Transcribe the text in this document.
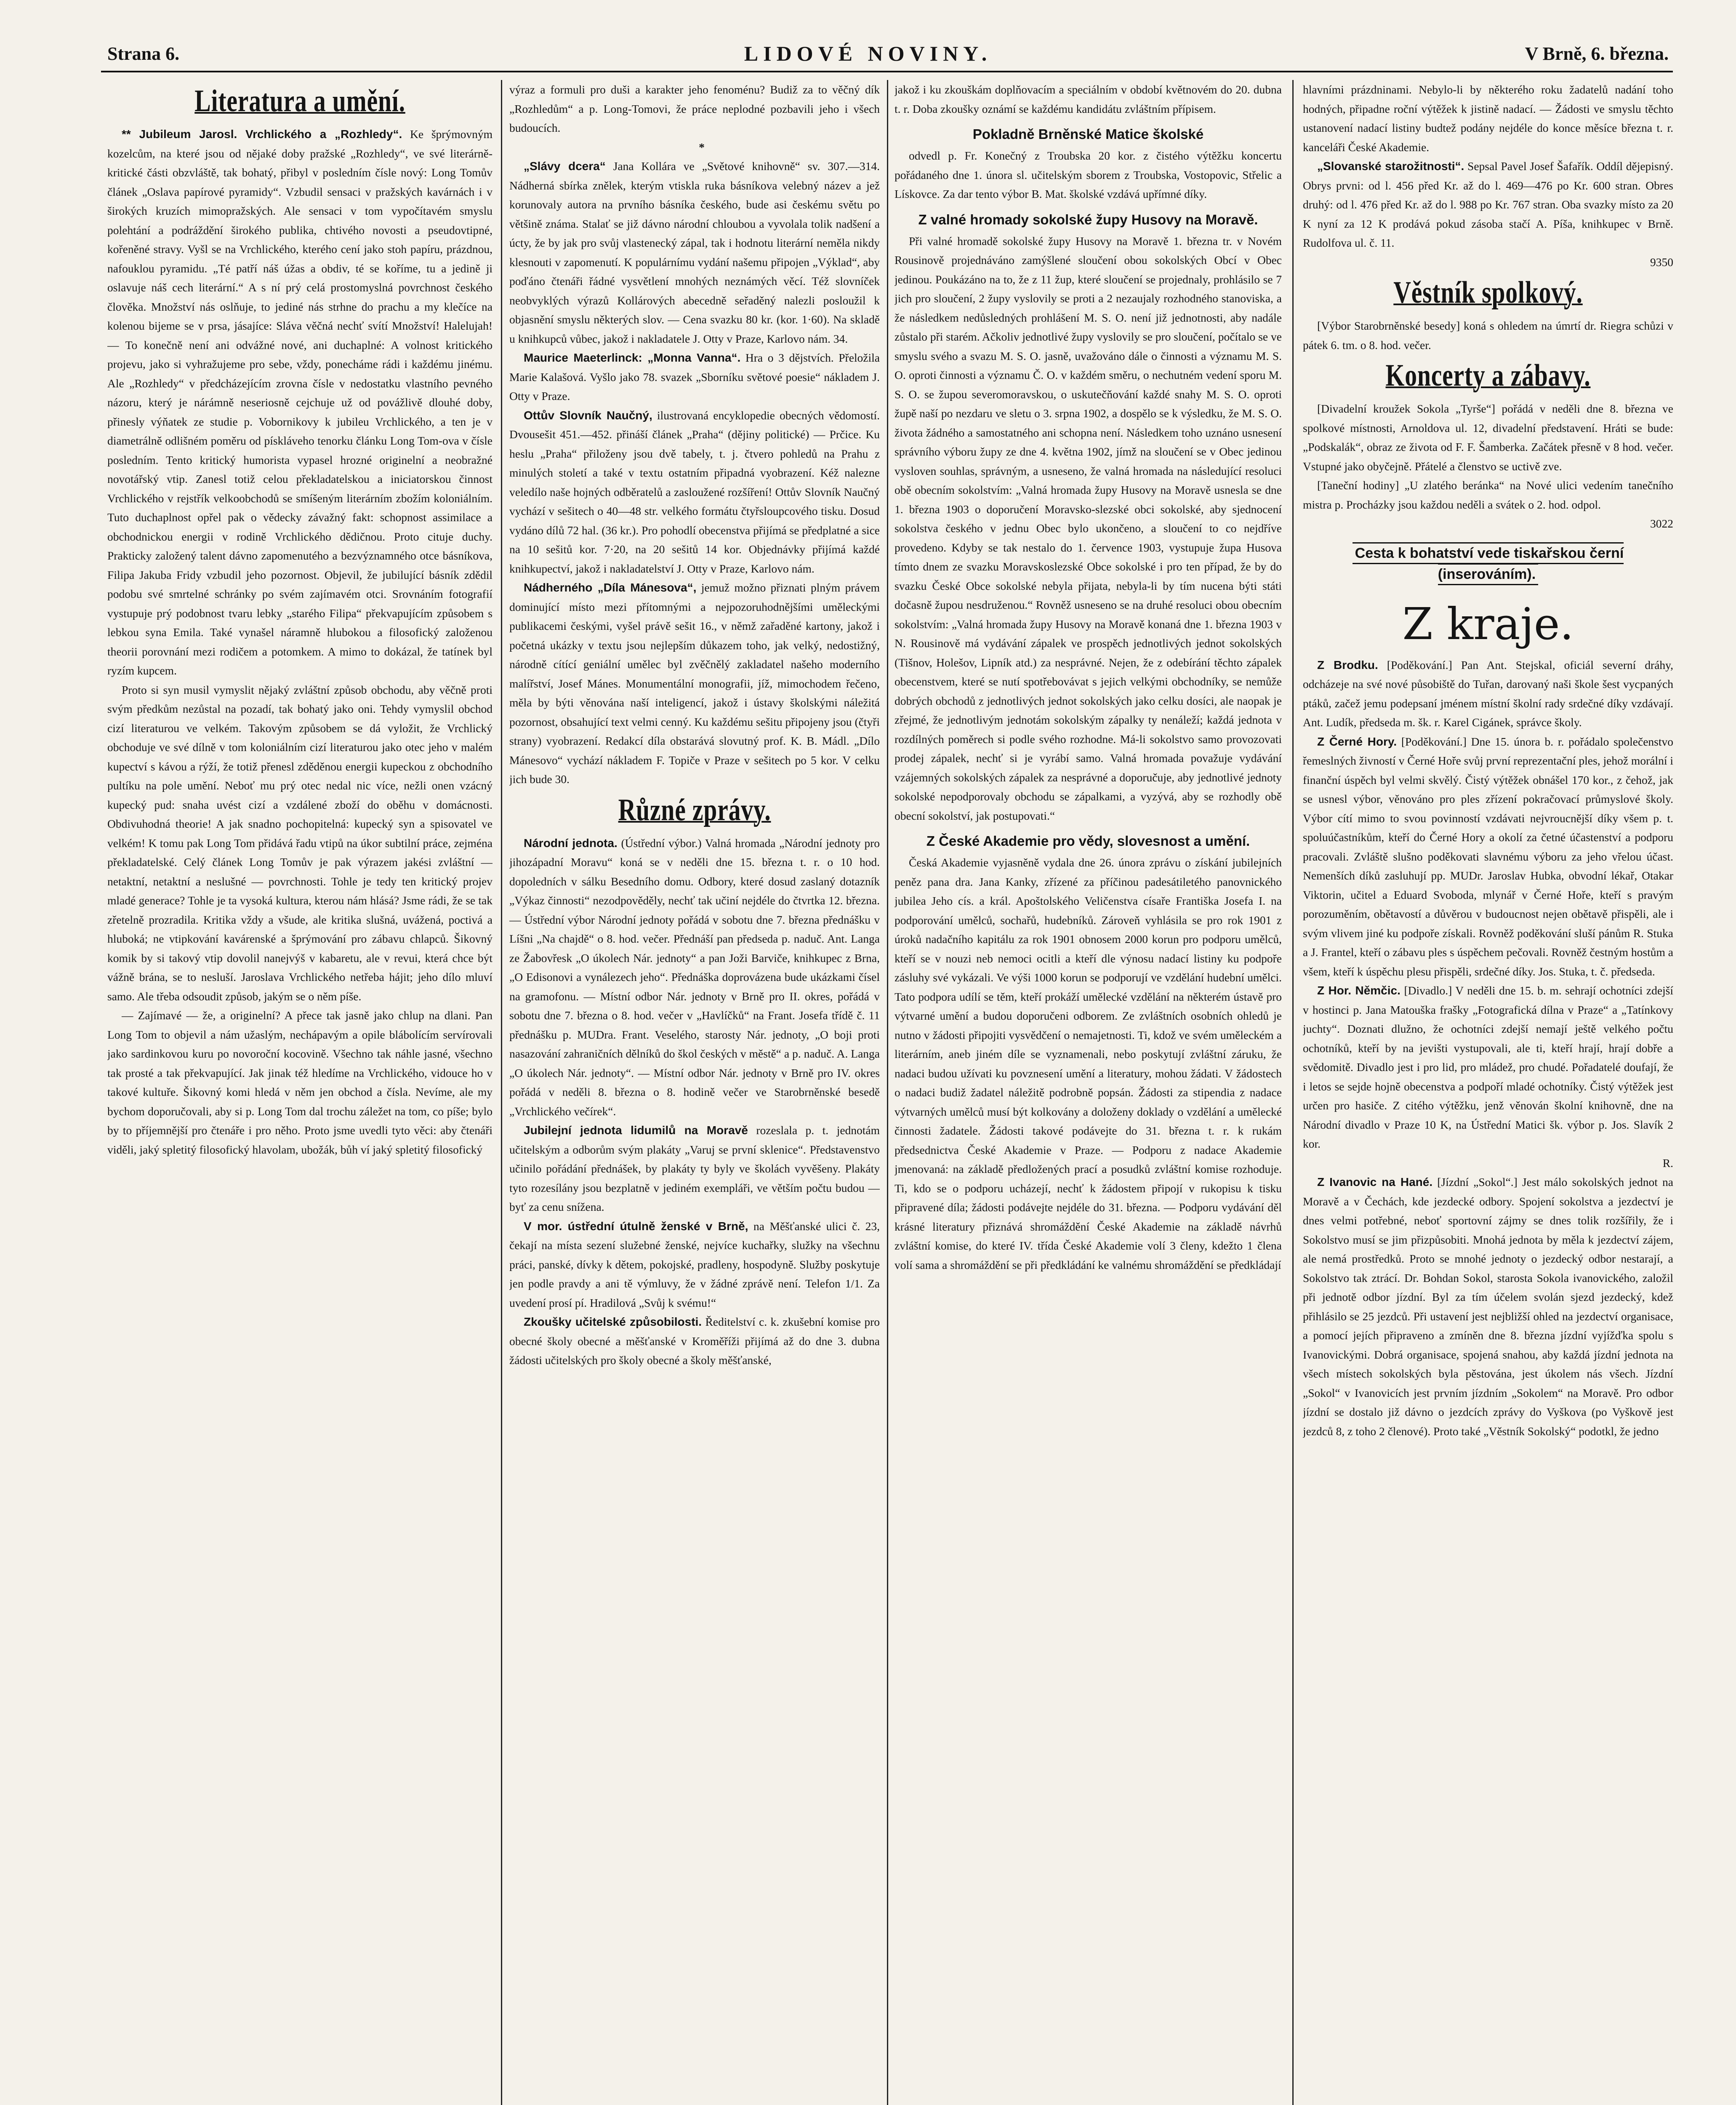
Strana 6.	LIDOVÉ NOVINY.	V Brně, 6. března.
Literatura a umění.

** Jubileum Jarosl. Vrchlického a „Rozhledy“. Ke šprýmovným kozelcům, na které jsou od nějaké doby pražské „Rozhledy“, ve své literárně-kritické části obzvláště, tak bohatý, přibyl v posledním čísle nový: Long Tomův článek „Oslava papírové pyramidy“. Vzbudil sensaci v pražských kavárnách i v širokých kruzích mimopražských. Ale sensaci v tom vypočítavém smyslu polehtání a podráždění širokého publika, chtivého novosti a pseudovtipné, kořeněné stravy. Vyšl se na Vrchlického, kterého cení jako stoh papíru, prázdnou, nafouklou pyramidu. „Té patří náš úžas a obdiv, té se koříme, tu a jedině ji oslavuje náš cech literární.“ A s ní prý celá prostomyslná povrchnost českého člověka. Množství nás oslňuje, to jediné nás strhne do prachu a my klečíce na kolenou bijeme se v prsa, jásajíce: Sláva věčná nechť svítí Množství! Halelujah! — To konečně není ani odvážné nové, ani duchaplné: A volnost kritického projevu, jako si vyhražujeme pro sebe, vždy, ponecháme rádi i každému jinému. Ale „Rozhledy“ v předcházejícím zrovna čísle v nedostatku vlastního pevného názoru, který je nárámně neseriosně cejchuje už od povážlivě dlouhé doby, přinesly výňatek ze studie p. Vobornikovy k jubileu Vrchlického, a ten je v diametrálně odlišném poměru od pískláveho tenorku článku Long Tom-ova v čísle posledním. Tento kritický humorista vypasel hrozné originelní a neobražné novotářský vtip. Zanesl totiž celou překladatelskou a iniciatorskou činnost Vrchlického v rejstřík velkoobchodů se smíšeným literárním zbožím koloniálním. Tuto duchaplnost opřel pak o vědecky závažný fakt: schopnost assimilace a obchodnickou energii v rodině Vrchlického dědičnou. Proto cituje duchy. Prakticky založený talent dávno zapomenutého a bezvýznamného otce básníkova, Filipa Jakuba Fridy vzbudil jeho pozornost. Objevil, že jubilující básník zdědil podobu své smrtelné schránky po svém zajímavém otci. Srovnáním fotografií vystupuje prý podobnost tvaru lebky „starého Filipa“ překvapujícím způsobem s lebkou syna Emila. Také vynašel náramně hlubokou a filosofický založenou theorii porovnání mezi rodičem a potomkem. A mimo to dokázal, že tatínek byl ryzím kupcem.

Proto si syn musil vymyslit nějaký zvláštní způsob obchodu, aby věčně proti svým předkům nezůstal na pozadí, tak bohatý jako oni. Tehdy vymyslil obchod cizí literaturou ve velkém. Takovým způsobem se dá vyložit, že Vrchlický obchoduje ve své dílně v tom koloniálním cizí literaturou jako otec jeho v malém kupectví s kávou a rýží, že totiž přenesl zděděnou energii kupeckou z obchodního pultíku na pole umění. Neboť mu prý otec nedal nic více, nežli onen vzácný kupecký pud: snaha uvést cizí a vzdálené zboží do oběhu v domácnosti. Obdivuhodná theorie! A jak snadno pochopitelná: kupecký syn a spisovatel ve velkém! K tomu pak Long Tom přidává řadu vtipů na úkor subtilní práce, zejména překladatelské. Celý článek Long Tomův je pak výrazem jakési zvláštní — netaktní, netaktní a neslušné — povrchnosti. Tohle je tedy ten kritický projev mladé generace? Tohle je ta vysoká kultura, kterou nám hlásá? Jsme rádi, že se tak zřetelně prozradila. Kritika vždy a všude, ale kritika slušná, uvážená, poctivá a hluboká; ne vtipkování kavárenské a šprýmování pro zábavu chlapců. Šikovný komik by si takový vtip dovolil nanejvýš v kabaretu, ale v revui, která chce být vážně brána, se to nesluší. Jaroslava Vrchlického netřeba hájit; jeho dílo mluví samo. Ale třeba odsoudit způsob, jakým se o něm píše.

— Zajímavé — že, a originelní? A přece tak jasně jako chlup na dlani. Pan Long Tom to objevil a nám užaslým, nechápavým a opile blábolícím servírovali jako sardinkovou kuru po novoroční kocovině. Všechno tak náhle jasné, všechno tak prosté a tak překvapující. Jak jinak též hledíme na Vrchlického, vidouce ho v takové kultuře. Šikovný komi hledá v něm jen obchod a čísla. Nevíme, ale my bychom doporučovali, aby si p. Long Tom dal trochu záležet na tom, co píše; bylo by to příjemnější pro čtenáře i pro něho. Proto jsme uvedli tyto věci: aby čtenáři viděli, jaký spletitý filosofický hlavolam, ubožák, bůh ví jaký spletitý filosofický

výraz a formuli pro duši a karakter jeho fenoménu? Budiž za to věčný dík „Rozhledům“ a p. Long-Tomovi, že práce neplodné pozbavili jeho i všech budoucích.

*

„Slávy dcera“ Jana Kollára ve „Světové knihovně“ sv. 307.—314. Nádherná sbírka znělek, kterým vtiskla ruka básníkova velebný název a jež korunovaly autora na prvního básníka českého, bude asi českému světu po většině známa. Stalať se již dávno národní chloubou a vyvolala tolik nadšení a úcty, že by jak pro svůj vlastenecký zápal, tak i hodnotu literární neměla nikdy klesnouti v zapomenutí. K populárnímu vydání našemu připojen „Výklad“, aby poďáno čtenáři řádné vysvětlení mnohých neznámých věcí. Též slovníček neobvyklých výrazů Kollárových abecedně seřaděný nalezli posloužil k objasnění smyslu některých slov. — Cena svazku 80 kr. (kor. 1·60). Na skladě u knihkupců vůbec, jakož i nakladatele J. Otty v Praze, Karlovo nám. 34.

Maurice Maeterlinck: „Monna Vanna“. Hra o 3 dějstvích. Přeložila Marie Kalašová. Vyšlo jako 78. svazek „Sborníku světové poesie“ nákladem J. Otty v Praze.

Ottův Slovník Naučný, ilustrovaná encyklopedie obecných vědomostí. Dvousešit 451.—452. přináší článek „Praha“ (dějiny politické) — Prčice. Ku heslu „Praha“ přiloženy jsou dvě tabely, t. j. čtvero pohledů na Prahu z minulých století a také v textu ostatním připadná vyobrazení. Kéž nalezne veledílo naše hojných odběratelů a zasloužené rozšíření! Ottův Slovník Naučný vychází v sešitech o 40—48 str. velkého formátu čtyřsloupcového tisku. Dosud vydáno dílů 72 hal. (36 kr.). Pro pohodlí obecenstva přijímá se předplatné a sice na 10 sešitů kor. 7·20, na 20 sešitů 14 kor. Objednávky přijímá každé knihkupectví, jakož i nakladatelství J. Otty v Praze, Karlovo nám.

Nádherného „Díla Mánesova“, jemuž možno přiznati plným právem dominující místo mezi přítomnými a nejpozoruhodnějšími uměleckými publikacemi českými, vyšel právě sešit 16., v němž zařaděné kartony, jakož i početná ukázky v textu jsou nejlepším důkazem toho, jak velký, nedostižný, národně cítící geniální umělec byl zvěčnělý zakladatel našeho moderního malířství, Josef Mánes. Monumentální monografii, jíž, mimochodem řečeno, měla by býti věnována naší inteligencí, jakož i ústavy školskými náležitá pozornost, obsahující text velmi cenný. Ku každému sešitu připojeny jsou (čtyři strany) vyobrazení. Redakcí díla obstarává slovutný prof. K. B. Mádl. „Dílo Mánesovo“ vychází nákladem F. Topiče v Praze v sešitech po 5 kor. V celku jich bude 30.

Různé zprávy.

Národní jednota. (Ústřední výbor.) Valná hromada „Národní jednoty pro jihozápadní Moravu“ koná se v neděli dne 15. března t. r. o 10 hod. dopoledních v sálku Besedního domu. Odbory, které dosud zaslaný dotazník „Výkaz činnosti“ nezodpověděly, nechť tak učiní nejdéle do čtvrtka 12. března. — Ústřední výbor Národní jednoty pořádá v sobotu dne 7. března přednášku v Líšni „Na chajdě“ o 8. hod. večer. Přednáší pan předseda p. naduč. Ant. Langa ze Žabovřesk „O úkolech Nár. jednoty“ a pan Joži Barviče, knihkupec z Brna, „O Edisonovi a vynálezech jeho“. Přednáška doprovázena bude ukázkami čísel na gramofonu. — Místní odbor Nár. jednoty v Brně pro II. okres, pořádá v sobotu dne 7. března o 8. hod. večer v „Havlíčků“ na Frant. Josefa třídě č. 11 přednášku p. MUDra. Frant. Veselého, starosty Nár. jednoty, „O boji proti nasazování zahraničních dělníků do škol českých v městě“ a p. naduč. A. Langa „O úkolech Nár. jednoty“. — Místní odbor Nár. jednoty v Brně pro IV. okres pořádá v neděli 8. března o 8. hodině večer ve Starobrněnské besedě „Vrchlického večírek“.

Jubilejní jednota lidumilů na Moravě rozeslala p. t. jednotám učitelským a odborům svým plakáty „Varuj se první sklenice“. Představenstvo učinilo pořádání přednášek, by plakáty ty byly ve školách vyvěšeny. Plakáty tyto rozesílány jsou bezplatně v jediném exempláři, ve větším počtu budou — byť za cenu snížena.

V mor. ústřední útulně ženské v Brně, na Měšťanské ulici č. 23, čekají na místa sezení služebné ženské, nejvíce kuchařky, služky na všechnu práci, panské, dívky k dětem, pokojské, pradleny, hospodyně. Služby poskytuje jen podle pravdy a ani tě výmluvy, že v žádné zprávě není. Telefon 1/1. Za uvedení prosí pí. Hradilová „Svůj k svému!“

Zkoušky učitelské způsobilosti. Ředitelství c. k. zkušební komise pro obecné školy obecné a měšťanské v Kroměříži přijímá až do dne 3. dubna žádosti učitelských pro školy obecné a školy měšťanské,

jakož i ku zkouškám doplňovacím a speciálním v období květnovém do 20. dubna t. r. Doba zkoušky oznámí se každému kandidátu zvláštním přípisem.

Pokladně Brněnské Matice školské

odvedl p. Fr. Konečný z Troubska 20 kor. z čistého výtěžku koncertu pořádaného dne 1. února sl. učitelským sborem z Troubska, Vostopovic, Střelic a Lískovce. Za dar tento výbor B. Mat. školské vzdává upřímné díky.

Z valné hromady sokolské župy Husovy na Moravě.

Při valné hromadě sokolské župy Husovy na Moravě 1. března tr. v Novém Rousinově projednáváno zamýšlené sloučení obou sokolských Obcí v Obec jedinou. Poukázáno na to, že z 11 žup, které sloučení se projednaly, prohlásilo se 7 jich pro sloučení, 2 župy vyslovily se proti a 2 nezaujaly rozhodného stanoviska, a že následkem nedůsledných prohlášení M. S. O. není již jednotnosti, aby nadále zůstalo při starém. Ačkoliv jednotlivé župy vyslovily se pro sloučení, počítalo se ve smyslu svého a svazu M. S. O. jasně, uvažováno dále o činnosti a významu M. S. O. oproti činnosti a významu Č. O. v každém směru, o nechutném vedení sporu M. S. O. se župou severomoravskou, o uskutečňování každé snahy M. S. O. oproti župě naší po nezdaru ve sletu o 3. srpna 1902, a dospělo se k výsledku, že M. S. O. života žádného a samostatného ani schopna není. Následkem toho uznáno usnesení správního výboru župy ze dne 4. května 1902, jímž na sloučení se v Obec jedinou vysloven souhlas, správným, a usneseno, že valná hromada na následující resoluci obě obecním sokolstvím: „Valná hromada župy Husovy na Moravě usnesla se dne 1. března 1903 o doporučení Moravsko-slezské obci sokolské, aby sjednocení sokolstva českého v jednu Obec bylo ukončeno, a sloučení to co nejdříve provedeno. Kdyby se tak nestalo do 1. července 1903, vystupuje župa Husova tímto dnem ze svazku Moravskoslezské Obce sokolské i pro ten případ, že by do svazku České Obce sokolské nebyla přijata, nebyla-li by tím nucena býti státi dočasně župou nesdruženou.“ Rovněž usneseno se na druhé resoluci obou obecním sokolstvím: „Valná hromada župy Husovy na Moravě konaná dne 1. března 1903 v N. Rousinově má vydávání zápalek ve prospěch jednotlivých jednot sokolských (Tišnov, Holešov, Lipník atd.) za nesprávné. Nejen, že z odebírání těchto zápalek obecenstvem, které se nutí spotřebovávat s jejich velkými obchodníky, se nemůže dobrých obchodů z jednotlivých jednot sokolských jako celku dosíci, ale naopak je zřejmé, že jednotlivým jednotám sokolským zápalky ty nenáleží; každá jednota v rozdílných poměrech si podle svého rozhodne. Má-li sokolstvo samo provozovati prodej zápalek, nechť si je vyrábí samo. Valná hromada považuje vydávání vzájemných sokolských zápalek za nesprávné a doporučuje, aby jednotlivé jednoty sokolské nepodporovaly obchodu se zápalkami, a vyzývá, aby se rozhodly obě obecní sokolství, jak postupovati.“

Z České Akademie pro vědy, slovesnost a umění.

Česká Akademie vyjasněně vydala dne 26. února zprávu o získání jubilejních peněz pana dra. Jana Kanky, zřízené za příčinou padesátiletého panovnického jubilea Jeho cís. a král. Apoštolského Veličenstva císaře Františka Josefa I. na podporování umělců, sochařů, hudebníků. Zároveň vyhlásila se pro rok 1901 z úroků nadačního kapitálu za rok 1901 obnosem 2000 korun pro podporu umělců, kteří se v nouzi neb nemoci ocitli a kteří dle výnosu nadací listiny ku podpoře zásluhy své vykázali. Ve výši 1000 korun se podporují ve vzdělání hudební umělci. Tato podpora udílí se těm, kteří prokáží umělecké vzdělání na některém ústavě pro výtvarné umění a budou doporučeni odborem. Ze zvláštních osobních ohledů je nutno v žádosti připojiti vysvědčení o nemajetnosti. Ti, kdož ve svém uměleckém a literárním, aneb jiném díle se vyznamenali, nebo poskytují zvláštní záruku, že nadaci budou užívati ku povznesení umění a literatury, mohou žádati. V žádostech o nadaci budiž žadatel náležitě podrobně popsán. Žádosti za stipendia z nadace výtvarných umělců musí být kolkovány a doloženy doklady o vzdělání a umělecké činnosti žadatele. Žádosti takové podávejte do 31. března t. r. k rukám předsednictva České Akademie v Praze. — Podporu z nadace Akademie jmenovaná: na základě předložených prací a posudků zvláštní komise rozhoduje. Ti, kdo se o podporu ucházejí, nechť k žádostem připojí v rukopisu k tisku připravené díla; žádosti podávejte nejdéle do 31. března. — Podporu vydávání děl krásné literatury přiznává shromáždění České Akademie na základě návrhů zvláštní komise, do které IV. třída České Akademie volí 3 členy, kdežto 1 člena volí sama a shromáždění se při předkládání ke valnému shromáždění se předkládají

hlavními prázdninami. Nebylo-li by některého roku žadatelů nadání toho hodných, připadne roční výtěžek k jistině nadací. — Žádosti ve smyslu těchto ustanovení nadací listiny budtež podány nejdéle do konce měsíce března t. r. kanceláři České Akademie.

„Slovanské starožitnosti“. Sepsal Pavel Josef Šafařík. Oddíl dějepisný. Obrys prvni: od l. 456 před Kr. až do l. 469—476 po Kr. 600 stran. Obres druhý: od l. 476 před Kr. až do l. 988 po Kr. 767 stran. Oba svazky místo za 20 K nyní za 12 K prodává pokud zásoba stačí A. Píša, knihkupec v Brně. Rudolfova ul. č. 11.

9350

Věstník spolkový.

[Výbor Starobrněnské besedy] koná s ohledem na úmrtí dr. Riegra schůzi v pátek 6. tm. o 8. hod. večer.

Koncerty a zábavy.

[Divadelní kroužek Sokola „Tyrše“] pořádá v neděli dne 8. března ve spolkové místnosti, Arnoldova ul. 12, divadelní představení. Hráti se bude: „Podskalák“, obraz ze života od F. F. Šamberka. Začátek přesně v 8 hod. večer. Vstupné jako obyčejně. Přátelé a členstvo se uctivě zve.

[Taneční hodiny] „U zlatého beránka“ na Nové ulici vedením tanečního mistra p. Procházky jsou každou neděli a svátek o 2. hod. odpol.

3022

Cesta k bohatství vede tiskařskou černí (inserováním).
Z kraje.

Z Brodku. [Poděkování.] Pan Ant. Stejskal, oficiál severní dráhy, odcházeje na své nové působiště do Tuřan, darovaný naši škole šest vycpaných ptáků, začež jemu podepsaní jménem místní školní rady srdečné díky vzdávají. Ant. Ludík, předseda m. šk. r. Karel Cigánek, správce školy.

Z Černé Hory. [Poděkování.] Dne 15. února b. r. pořádalo společenstvo řemeslných živností v Černé Hoře svůj první reprezentační ples, jehož morální i finanční úspěch byl velmi skvělý. Čistý výtěžek obnášel 170 kor., z čehož, jak se usnesl výbor, věnováno pro ples zřízení pokračovací průmyslové školy. Výbor cítí mimo to svou povinností vzdávati nejvroucnější díky všem p. t. spoluúčastníkům, kteří do Černé Hory a okolí za četné účastenství a podporu pracovali. Zvláště slušno poděkovati slavnému výboru za jeho vřelou účast. Nemenších díků zasluhují pp. MUDr. Jaroslav Hubka, obvodní lékař, Otakar Viktorin, učitel a Eduard Svoboda, mlynář v Černé Hoře, kteří s pravým porozuměním, obětavostí a důvěrou v budoucnost nejen obětavě přispěli, ale i svým vlivem jiné ku podpoře získali. Rovněž poděkování sluší pánům R. Stuka a J. Frantel, kteří o zábavu ples s úspěchem pečovali. Rovněž čestným hostům a všem, kteří k úspěchu plesu přispěli, srdečné díky. Jos. Stuka, t. č. předseda.

Z Hor. Němčic. [Divadlo.] V neděli dne 15. b. m. sehrají ochotníci zdejší v hostinci p. Jana Matouška frašky „Fotografická dílna v Praze“ a „Tatínkovy juchty“. Doznati dlužno, že ochotníci zdejší nemají ještě velkého počtu ochotníků, kteří by na jevišti vystupovali, ale ti, kteří hrají, hrají dobře a svědomitě. Divadlo jest i pro lid, pro mládež, pro chudé. Pořadatelé doufají, že i letos se sejde hojně obecenstva a podpoří mladé ochotníky. Čistý výtěžek jest určen pro hasiče. Z citého výtěžku, jenž věnován školní knihovně, dne na Národní divadlo v Praze 10 K, na Ústřední Matici šk. výbor p. Jos. Slavík 2 kor.

R.

Z Ivanovic na Hané. [Jízdní „Sokol“.] Jest málo sokolských jednot na Moravě a v Čechách, kde jezdecké odbory. Spojení sokolstva a jezdectví je dnes velmi potřebné, neboť sportovní zájmy se dnes tolik rozšířily, že i Sokolstvo musí se jim přizpůsobiti. Mnohá jednota by měla k jezdectví zájem, ale nemá prostředků. Proto se mnohé jednoty o jezdecký odbor nestarají, a Sokolstvo tak ztrácí. Dr. Bohdan Sokol, starosta Sokola ivanovického, založil při jednotě odbor jízdní. Byl za tím účelem svolán sjezd jezdecký, kdež přihlásilo se 25 jezdců. Při ustavení jest nejbližší ohled na jezdectví organisace, a pomocí jejích připraveno a zmíněn dne 8. března jízdní vyjížďka spolu s Ivanovickými. Dobrá organisace, spojená snahou, aby každá jízdní jednota na všech místech sokolských byla pěstována, jest úkolem nás všech. Jízdní „Sokol“ v Ivanovicích jest prvním jízdním „Sokolem“ na Moravě. Pro odbor jízdní se dostalo již dávno o jezdcích zprávy do Vyškova (po Vyškově jest jezdců 8, z toho 2 členové). Proto také „Věstník Sokolský“ podotkl, že jedno
